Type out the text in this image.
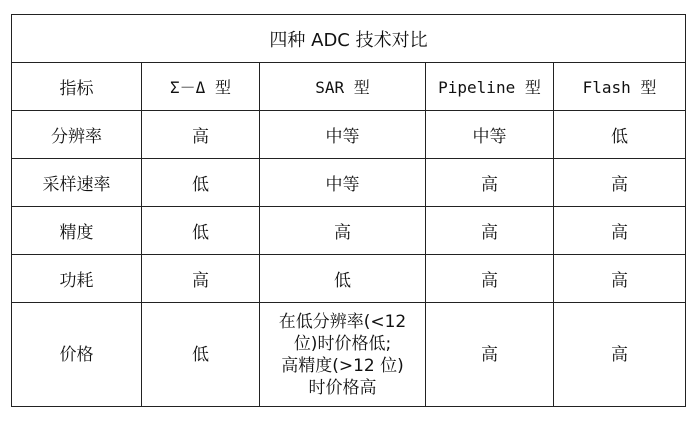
四种 ADC 技术对比				
指标	Σ－Δ 型	SAR 型	Pipeline 型	Flash 型
分辨率	高	中等	中等	低
采样速率	低	中等	高	高
精度	低	高	高	高
功耗	高	低	高	高
价格	低	在低分辨率(<12
位)时价格低;
高精度(>12 位)
时价格高	高	高
